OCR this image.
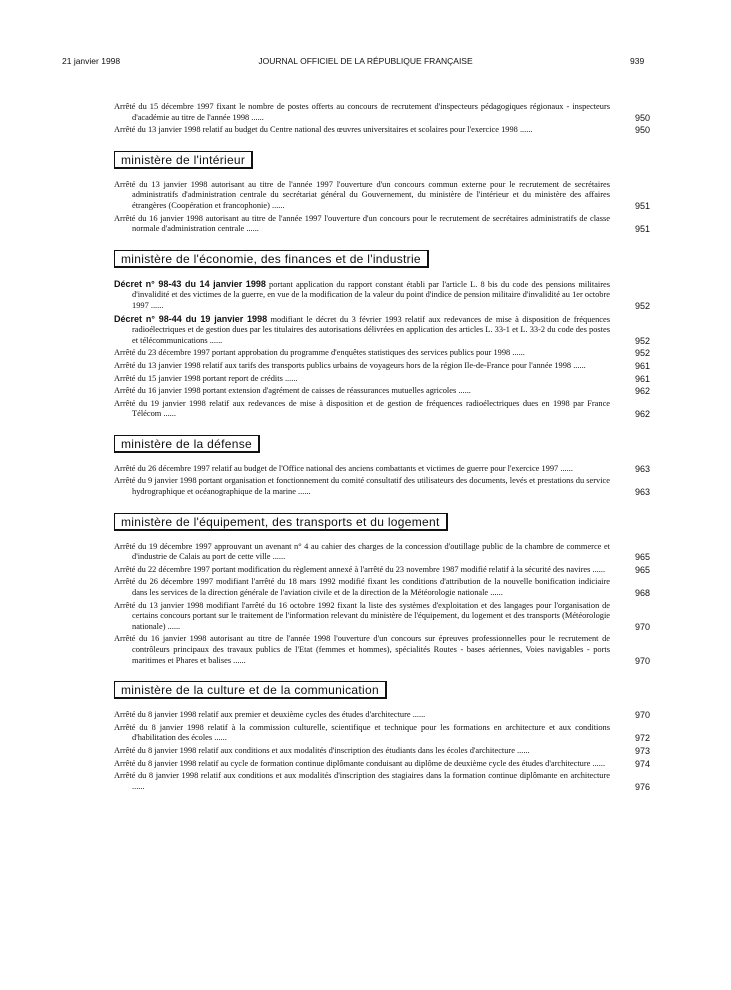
21 janvier 1998	JOURNAL OFFICIEL DE LA RÉPUBLIQUE FRANÇAISE	939
Arrêté du 15 décembre 1997 fixant le nombre de postes offerts au concours de recrutement d'inspecteurs pédagogiques régionaux - inspecteurs d'académie au titre de l'année 1998 ......	950
Arrêté du 13 janvier 1998 relatif au budget du Centre national des œuvres universitaires et scolaires pour l'exercice 1998 ......	950
ministère de l'intérieur
Arrêté du 13 janvier 1998 autorisant au titre de l'année 1997 l'ouverture d'un concours commun externe pour le recrutement de secrétaires administratifs d'administration centrale du secrétariat général du Gouvernement, du ministère de l'intérieur et du ministère des affaires étrangères (Coopération et francophonie) ......	951
Arrêté du 16 janvier 1998 autorisant au titre de l'année 1997 l'ouverture d'un concours pour le recrutement de secrétaires administratifs de classe normale d'administration centrale ......	951
ministère de l'économie, des finances et de l'industrie
Décret n° 98-43 du 14 janvier 1998 portant application du rapport constant établi par l'article L. 8 bis du code des pensions militaires d'invalidité et des victimes de la guerre, en vue de la modification de la valeur du point d'indice de pension militaire d'invalidité au 1er octobre 1997 ......	952
Décret n° 98-44 du 19 janvier 1998 modifiant le décret du 3 février 1993 relatif aux redevances de mise à disposition de fréquences radioélectriques et de gestion dues par les titulaires des autorisations délivrées en application des articles L. 33-1 et L. 33-2 du code des postes et télécommunications ......	952
Arrêté du 23 décembre 1997 portant approbation du programme d'enquêtes statistiques des services publics pour 1998 ......	952
Arrêté du 13 janvier 1998 relatif aux tarifs des transports publics urbains de voyageurs hors de la région Ile-de-France pour l'année 1998 ......	961
Arrêté du 15 janvier 1998 portant report de crédits ......	961
Arrêté du 16 janvier 1998 portant extension d'agrément de caisses de réassurances mutuelles agricoles ......	962
Arrêté du 19 janvier 1998 relatif aux redevances de mise à disposition et de gestion de fréquences radioélectriques dues en 1998 par France Télécom ......	962
ministère de la défense
Arrêté du 26 décembre 1997 relatif au budget de l'Office national des anciens combattants et victimes de guerre pour l'exercice 1997 ......	963
Arrêté du 9 janvier 1998 portant organisation et fonctionnement du comité consultatif des utilisateurs des documents, levés et prestations du service hydrographique et océanographique de la marine ......	963
ministère de l'équipement, des transports et du logement
Arrêté du 19 décembre 1997 approuvant un avenant n° 4 au cahier des charges de la concession d'outillage public de la chambre de commerce et d'industrie de Calais au port de cette ville ......	965
Arrêté du 22 décembre 1997 portant modification du règlement annexé à l'arrêté du 23 novembre 1987 modifié relatif à la sécurité des navires ......	965
Arrêté du 26 décembre 1997 modifiant l'arrêté du 18 mars 1992 modifié fixant les conditions d'attribution de la nouvelle bonification indiciaire dans les services de la direction générale de l'aviation civile et de la direction de la Météorologie nationale ......	968
Arrêté du 13 janvier 1998 modifiant l'arrêté du 16 octobre 1992 fixant la liste des systèmes d'exploitation et des langages pour l'organisation de certains concours portant sur le traitement de l'information relevant du ministère de l'équipement, du logement et des transports (Météorologie nationale) ......	970
Arrêté du 16 janvier 1998 autorisant au titre de l'année 1998 l'ouverture d'un concours sur épreuves professionnelles pour le recrutement de contrôleurs principaux des travaux publics de l'Etat (femmes et hommes), spécialités Routes - bases aériennes, Voies navigables - ports maritimes et Phares et balises ......	970
ministère de la culture et de la communication
Arrêté du 8 janvier 1998 relatif aux premier et deuxième cycles des études d'architecture ......	970
Arrêté du 8 janvier 1998 relatif à la commission culturelle, scientifique et technique pour les formations en architecture et aux conditions d'habilitation des écoles ......	972
Arrêté du 8 janvier 1998 relatif aux conditions et aux modalités d'inscription des étudiants dans les écoles d'architecture ......	973
Arrêté du 8 janvier 1998 relatif au cycle de formation continue diplômante conduisant au diplôme de deuxième cycle des études d'architecture ......	974
Arrêté du 8 janvier 1998 relatif aux conditions et aux modalités d'inscription des stagiaires dans la formation continue diplômante en architecture ......	976
